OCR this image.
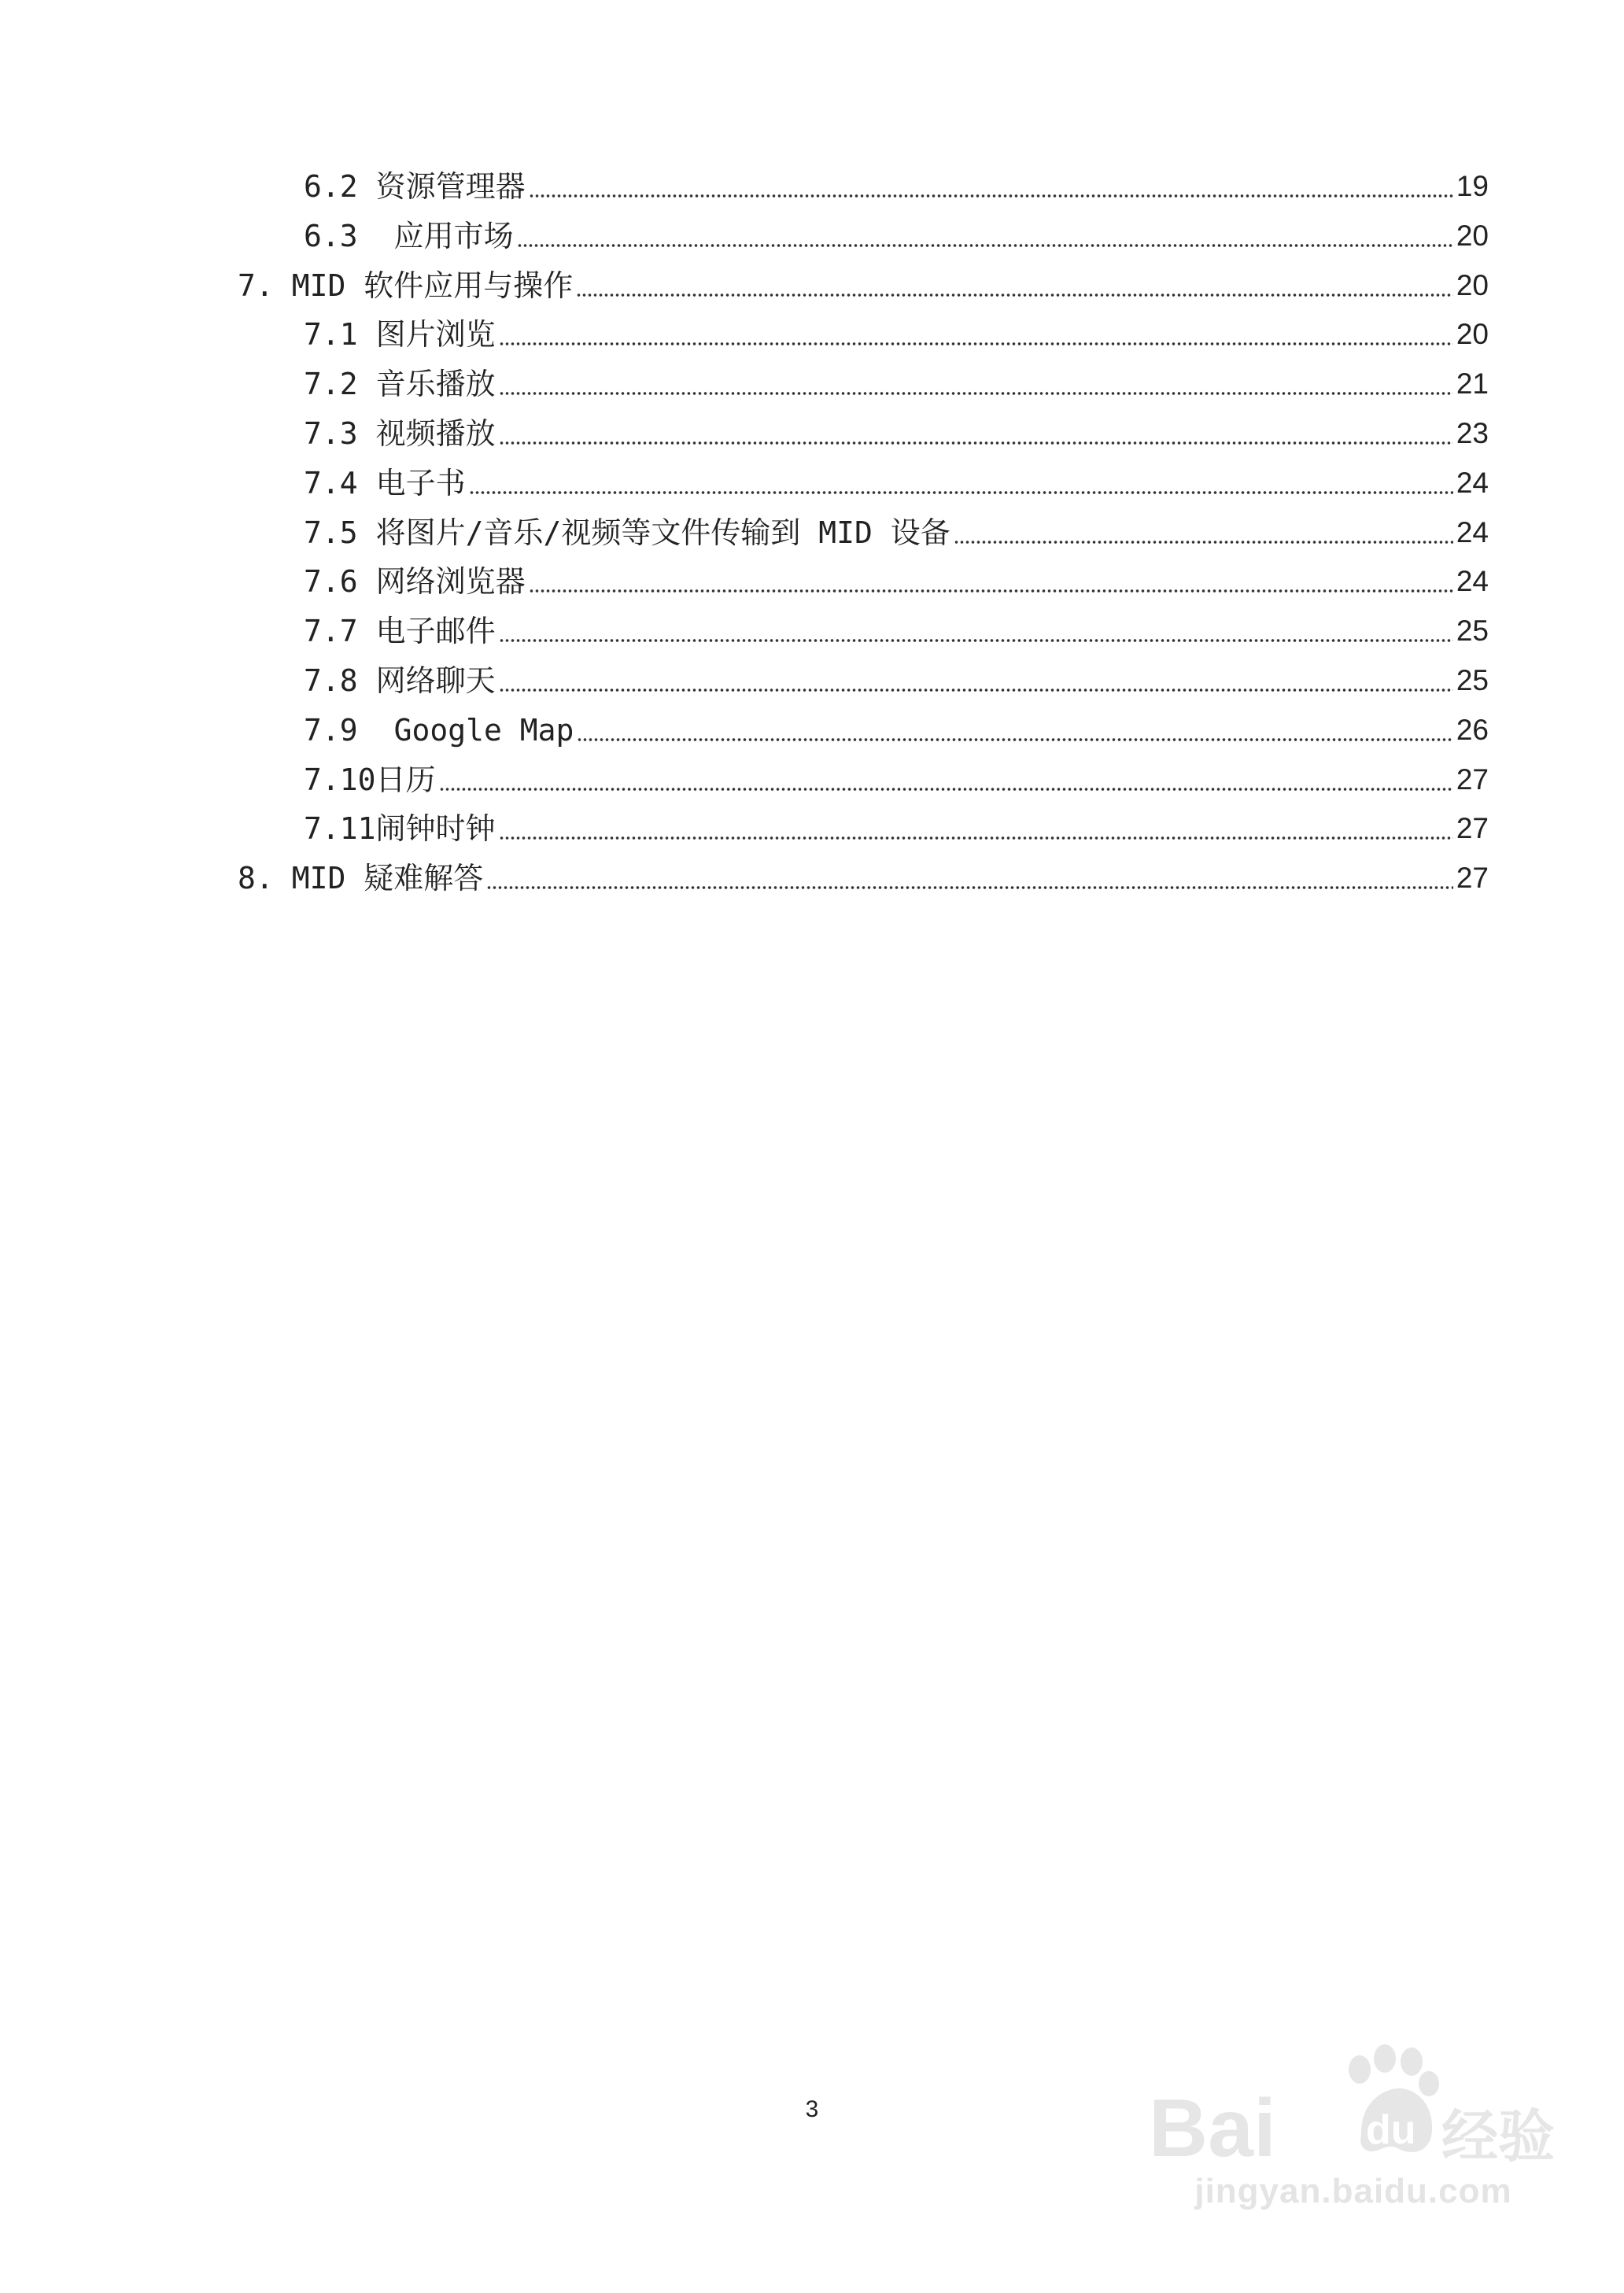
6.2 资源管理器	19
6.3 应用市场	20
7. MID 软件应用与操作	20
7.1 图片浏览	20
7.2 音乐播放	21
7.3 视频播放	23
7.4 电子书	24
7.5 将图片/音乐/视频等文件传输到 MID 设备	24
7.6 网络浏览器	24
7.7 电子邮件	25
7.8 网络聊天	25
7.9 Google Map	26
7.10 日历	27
7.11 闹钟时钟	27
8. MID 疑难解答	27
3	Bai du 经验
jingyan.baidu.com
